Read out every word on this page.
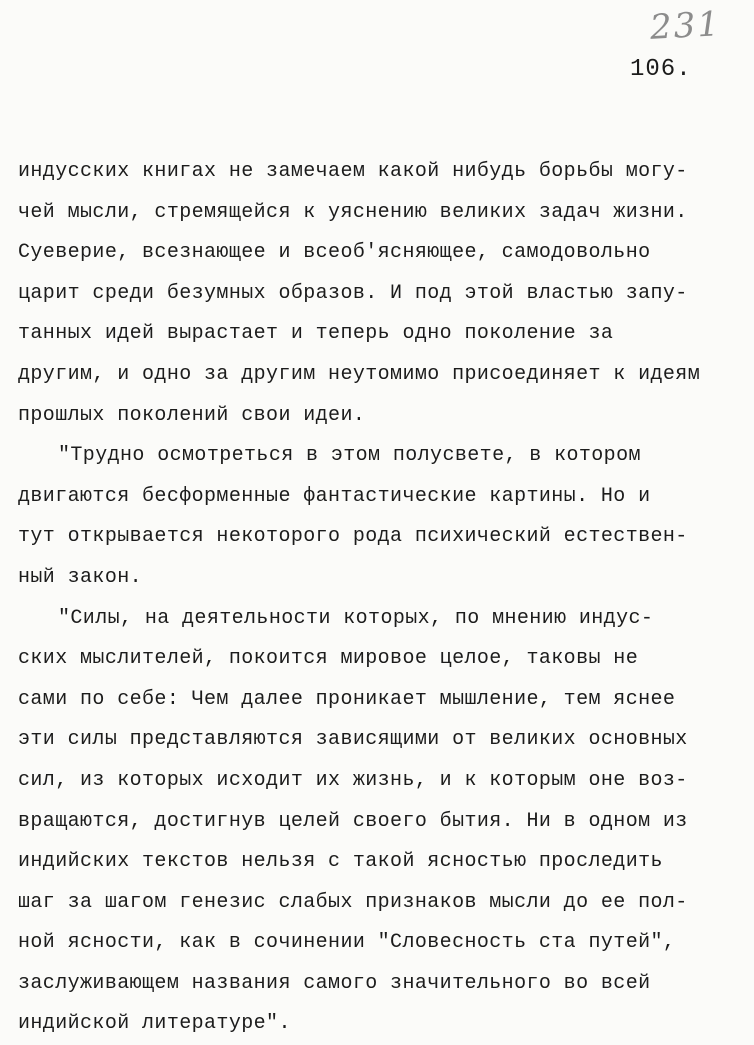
231
106.
индусских книгах не замечаем какой нибудь борьбы могу-
чей мысли, стремящейся к уяснению великих задач жизни.
Суеверие, всезнающее и всеоб'ясняющее, самодовольно
царит среди безумных образов. И под этой властью запу-
танных идей вырастает и теперь одно поколение за
другим, и одно за другим неутомимо присоединяет к идеям
прошлых поколений свои идеи.
"Трудно осмотреться в этом полусвете, в котором
двигаются бесформенные фантастические картины. Но и
тут открывается некоторого рода психический естествен-
ный закон.
"Силы, на деятельности которых, по мнению индус-
ских мыслителей, покоится мировое целое, таковы не
сами по себе: Чем далее проникает мышление, тем яснее
эти силы представляются зависящими от великих основных
сил, из которых исходит их жизнь, и к которым оне воз-
вращаются, достигнув целей своего бытия. Ни в одном из
индийских текстов нельзя с такой ясностью проследить
шаг за шагом генезис слабых признаков мысли до ее пол-
ной ясности, как в сочинении "Словесность ста путей",
заслуживающем названия самого значительного во всей
индийской литературе".
